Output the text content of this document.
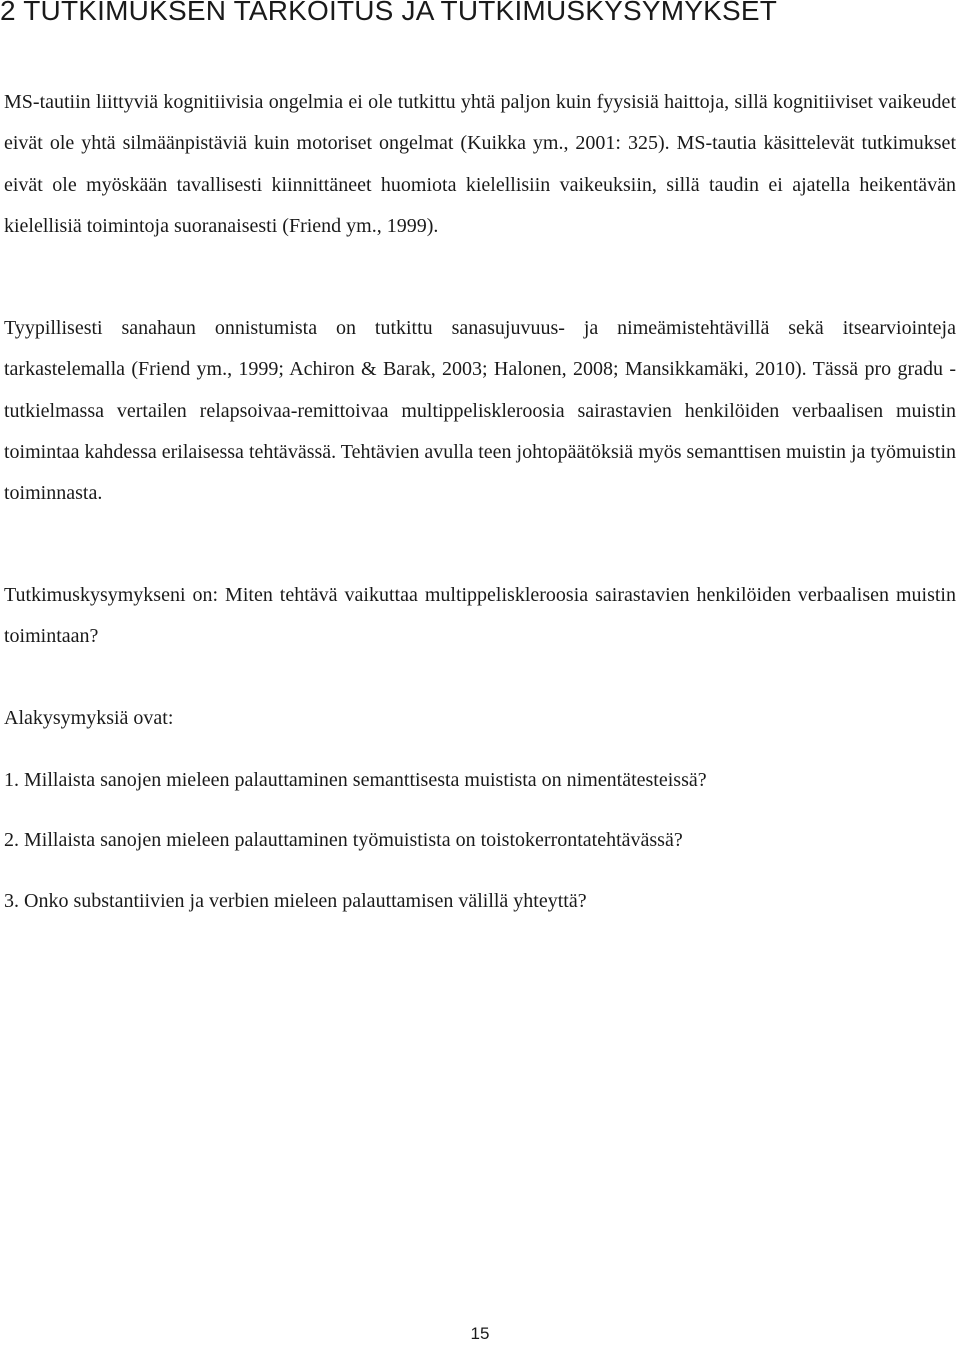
2 TUTKIMUKSEN TARKOITUS JA TUTKIMUSKYSYMYKSET

MS-tautiin liittyviä kognitiivisia ongelmia ei ole tutkittu yhtä paljon kuin fyysisiä haittoja, sillä kognitiiviset vaikeudet eivät ole yhtä silmäänpistäviä kuin motoriset ongelmat (Kuikka ym., 2001: 325). MS-tautia käsittelevät tutkimukset eivät ole myöskään tavallisesti kiinnittäneet huomiota kielellisiin vaikeuksiin, sillä taudin ei ajatella heikentävän kielellisiä toimintoja suoranaisesti (Friend ym., 1999).

Tyypillisesti sanahaun onnistumista on tutkittu sanasujuvuus- ja nimeämistehtävillä sekä itsearviointeja tarkastelemalla (Friend ym., 1999; Achiron & Barak, 2003; Halonen, 2008; Mansikkamäki, 2010). Tässä pro gradu -tutkielmassa vertailen relapsoivaa-remittoivaa multippeliskleroosia sairastavien henkilöiden verbaalisen muistin toimintaa kahdessa erilaisessa tehtävässä. Tehtävien avulla teen johtopäätöksiä myös semanttisen muistin ja työmuistin toiminnasta.

Tutkimuskysymykseni on: Miten tehtävä vaikuttaa multippeliskleroosia sairastavien henkilöiden verbaalisen muistin toimintaan?

Alakysymyksiä ovat:

1. Millaista sanojen mieleen palauttaminen semanttisesta muistista on nimentätesteissä?

2. Millaista sanojen mieleen palauttaminen työmuistista on toistokerrontatehtävässä?

3. Onko substantiivien ja verbien mieleen palauttamisen välillä yhteyttä?

15
